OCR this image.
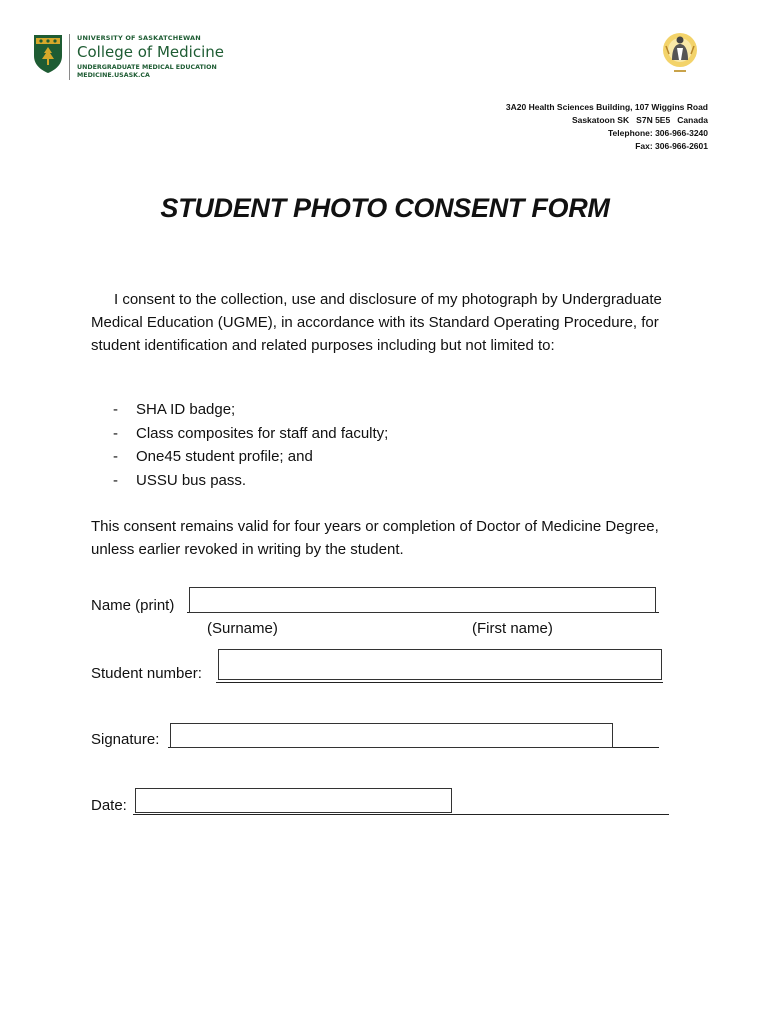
UNIVERSITY OF SASKATCHEWAN
College of Medicine
UNDERGRADUATE MEDICAL EDUCATION
MEDICINE.USASK.CA
3A20 Health Sciences Building, 107 Wiggins Road
Saskatoon SK   S7N 5E5   Canada
Telephone: 306-966-3240
Fax: 306-966-2601
STUDENT PHOTO CONSENT FORM
I consent to the collection, use and disclosure of my photograph by Undergraduate Medical Education (UGME), in accordance with its Standard Operating Procedure, for student identification and related purposes including but not limited to:
-	SHA ID badge;
-	Class composites for staff and faculty;
-	One45 student profile; and
-	USSU bus pass.
This consent remains valid for four years or completion of Doctor of Medicine Degree, unless earlier revoked in writing by the student.
Name (print)
(Surname)	(First name)
Student number:
Signature:
Date:
